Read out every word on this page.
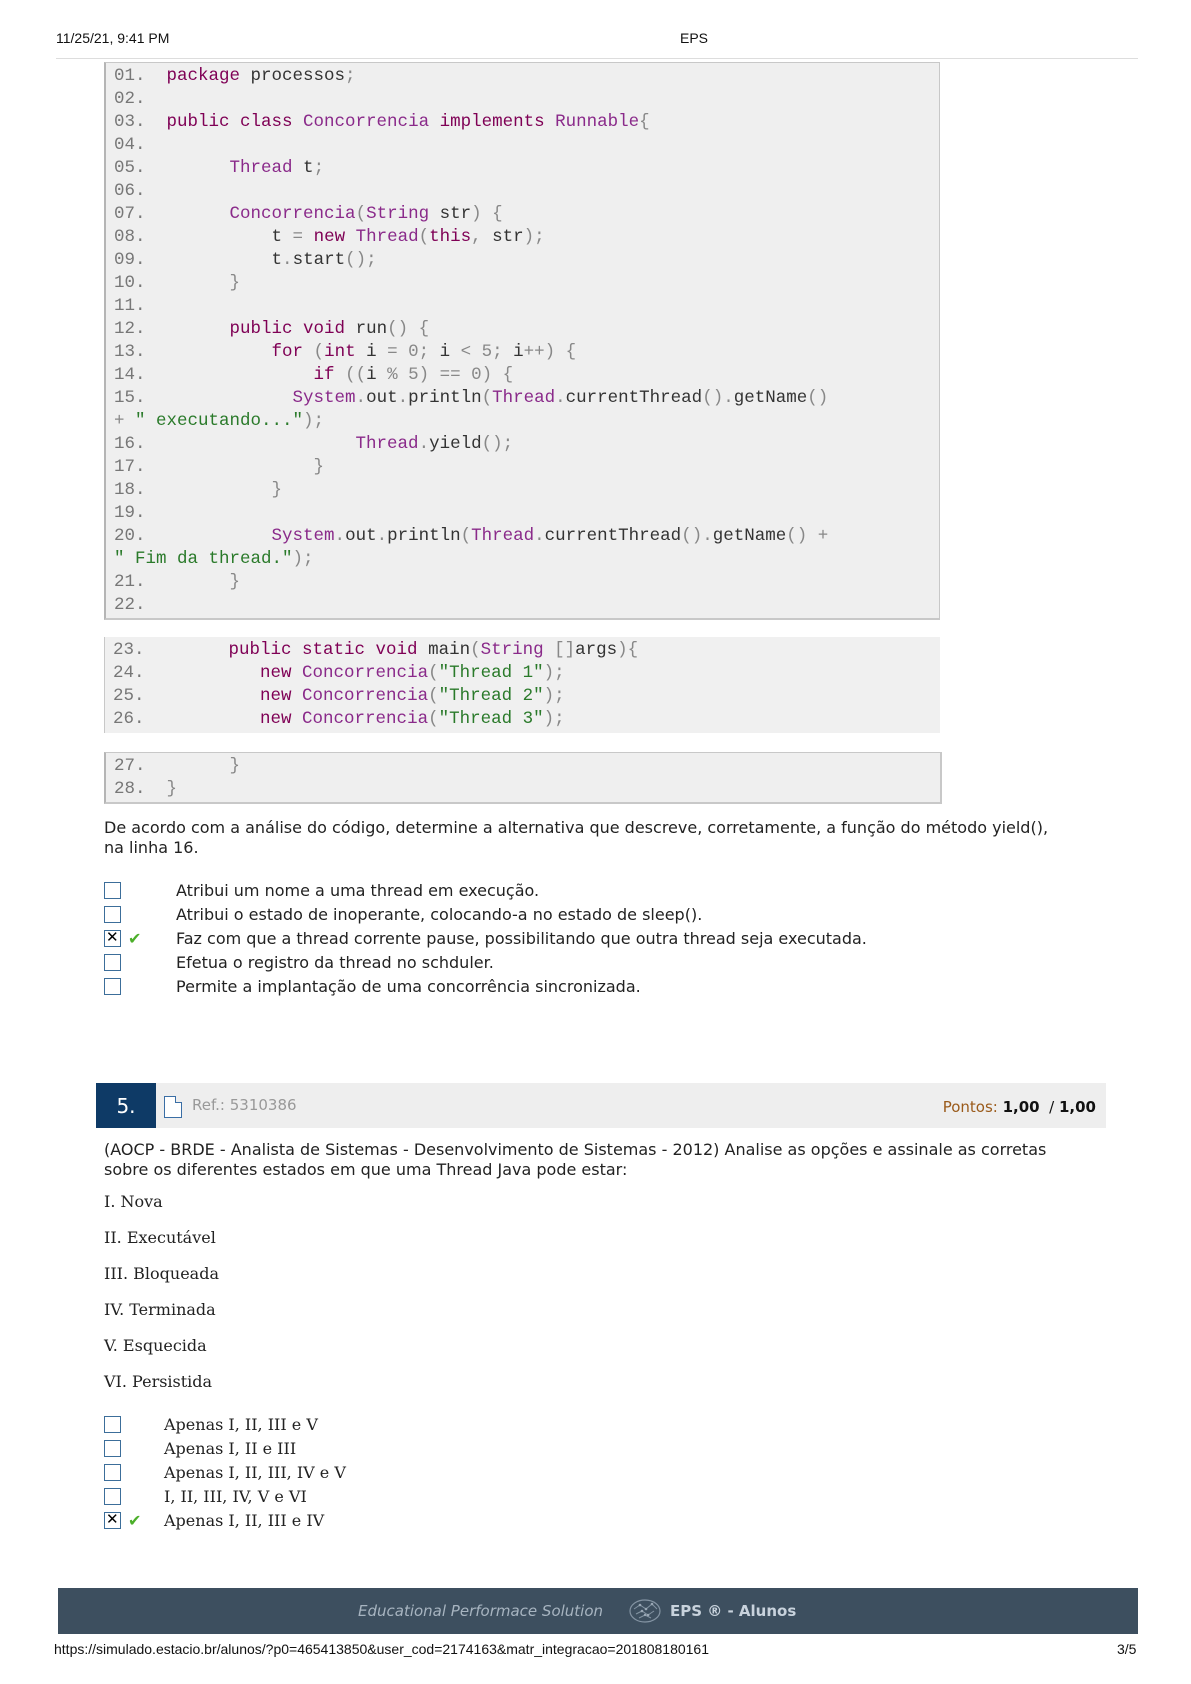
11/25/21, 9:41 PM	EPS
01.  package processos;
02.
03.  public class Concorrencia implements Runnable{
04.
05.        Thread t;
06.
07.        Concorrencia(String str) {
08.            t = new Thread(this, str);
09.            t.start();
10.        }
11.
12.        public void run() {
13.            for (int i = 0; i < 5; i++) {
14.                if ((i % 5) == 0) {
15.              System.out.println(Thread.currentThread().getName()
+ " executando...");
16.                    Thread.yield();
17.                }
18.            }
19.
20.            System.out.println(Thread.currentThread().getName() +
" Fim da thread.");
21.        }
22.
23.        public static void main(String []args){
24.           new Concorrencia("Thread 1");
25.           new Concorrencia("Thread 2");
26.           new Concorrencia("Thread 3");
27.        }
28.  }
De acordo com a análise do código, determine a alternativa que descreve, corretamente, a função do método yield(),
na linha 16.
Atribui um nome a uma thread em execução.
Atribui o estado de inoperante, colocando-a no estado de sleep().
✕
✔ Faz com que a thread corrente pause, possibilitando que outra thread seja executada.
Efetua o registro da thread no schduler.
Permite a implantação de uma concorrência sincronizada.
5.	Ref.: 5310386	Pontos: 1,00  / 1,00
(AOCP - BRDE - Analista de Sistemas - Desenvolvimento de Sistemas - 2012) Analise as opções e assinale as corretas
sobre os diferentes estados em que uma Thread Java pode estar:
I. Nova
II. Executável
III. Bloqueada
IV. Terminada
V. Esquecida
VI. Persistida
Apenas I, II, III e V
Apenas I, II e III
Apenas I, II, III, IV e V
I, II, III, IV, V e VI
✕
✔ Apenas I, II, III e IV
Educational Performace Solution	EPS ® - Alunos
https://simulado.estacio.br/alunos/?p0=465413850&user_cod=2174163&matr_integracao=201808180161	3/5
